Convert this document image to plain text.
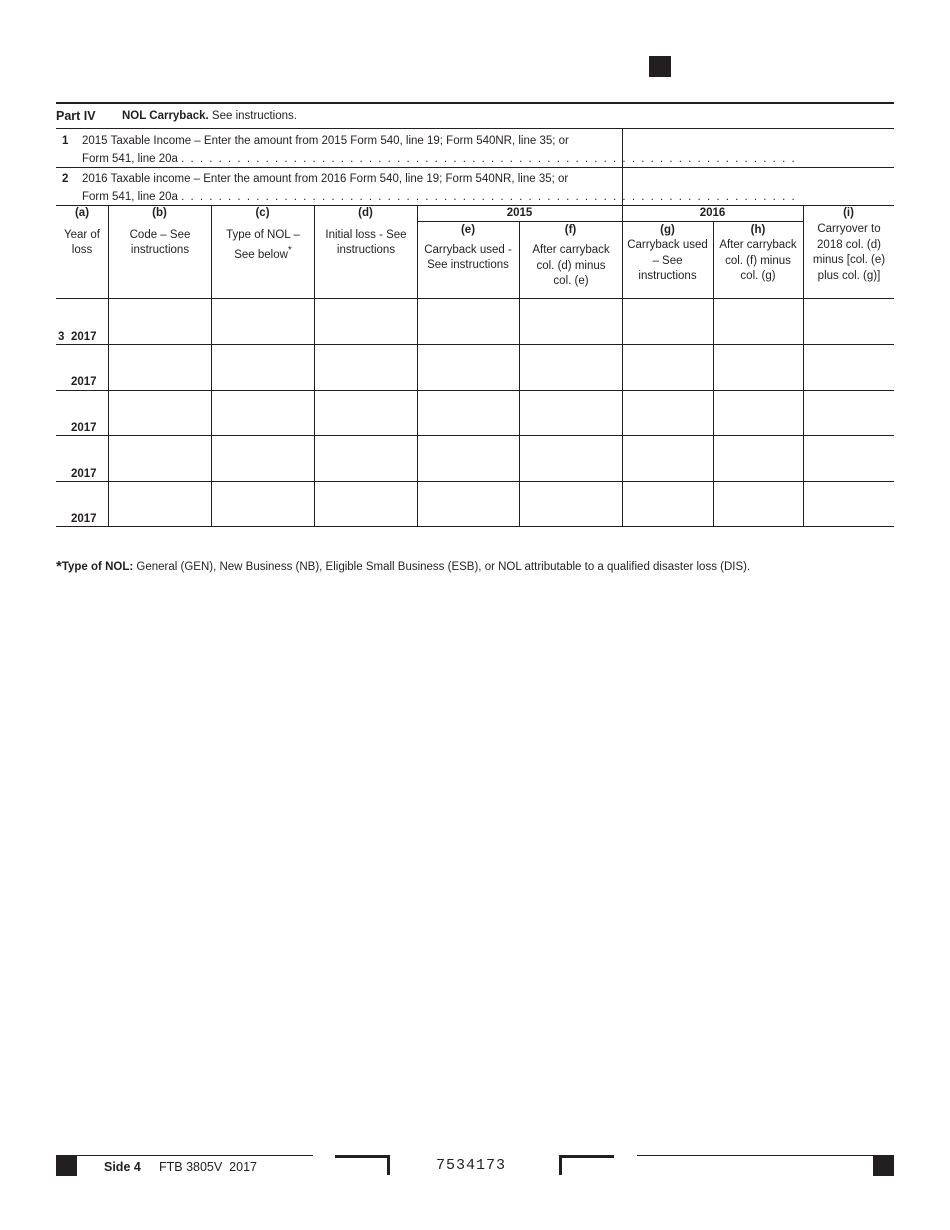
Part IV NOL Carryback. See instructions.
1 2015 Taxable Income – Enter the amount from 2015 Form 540, line 19; Form 540NR, line 35; or
Form 541, line 20a . . . . . . . . . . . . . . . . . . . . . . . . . . . . . . . . . . . . . . . . . . . . . . . . . . . . . . . . . . . . . . . . . .
2 2016 Taxable income – Enter the amount from 2016 Form 540, line 19; Form 540NR, line 35; or
Form 541, line 20a . . . . . . . . . . . . . . . . . . . . . . . . . . . . . . . . . . . . . . . . . . . . . . . . . . . . . . . . . . . . . . . . . .
2015	2016
(a)
Year of loss
(b)
Code – See instructions
(c)
Type of NOL – See below*
(d)
Initial loss - See instructions
(e)
Carryback used - See instructions
(f)
After carryback col. (d) minus col. (e)
(g)
Carryback used – See instructions
(h)
After carryback col. (f) minus col. (g)
(i)
Carryover to 2018 col. (d) minus [col. (e) plus col. (g)]
3 2017
2017
2017
2017
2017
*Type of NOL: General (GEN), New Business (NB), Eligible Small Business (ESB), or NOL attributable to a qualified disaster loss (DIS).
Side 4 FTB 3805V  2017	7534173
